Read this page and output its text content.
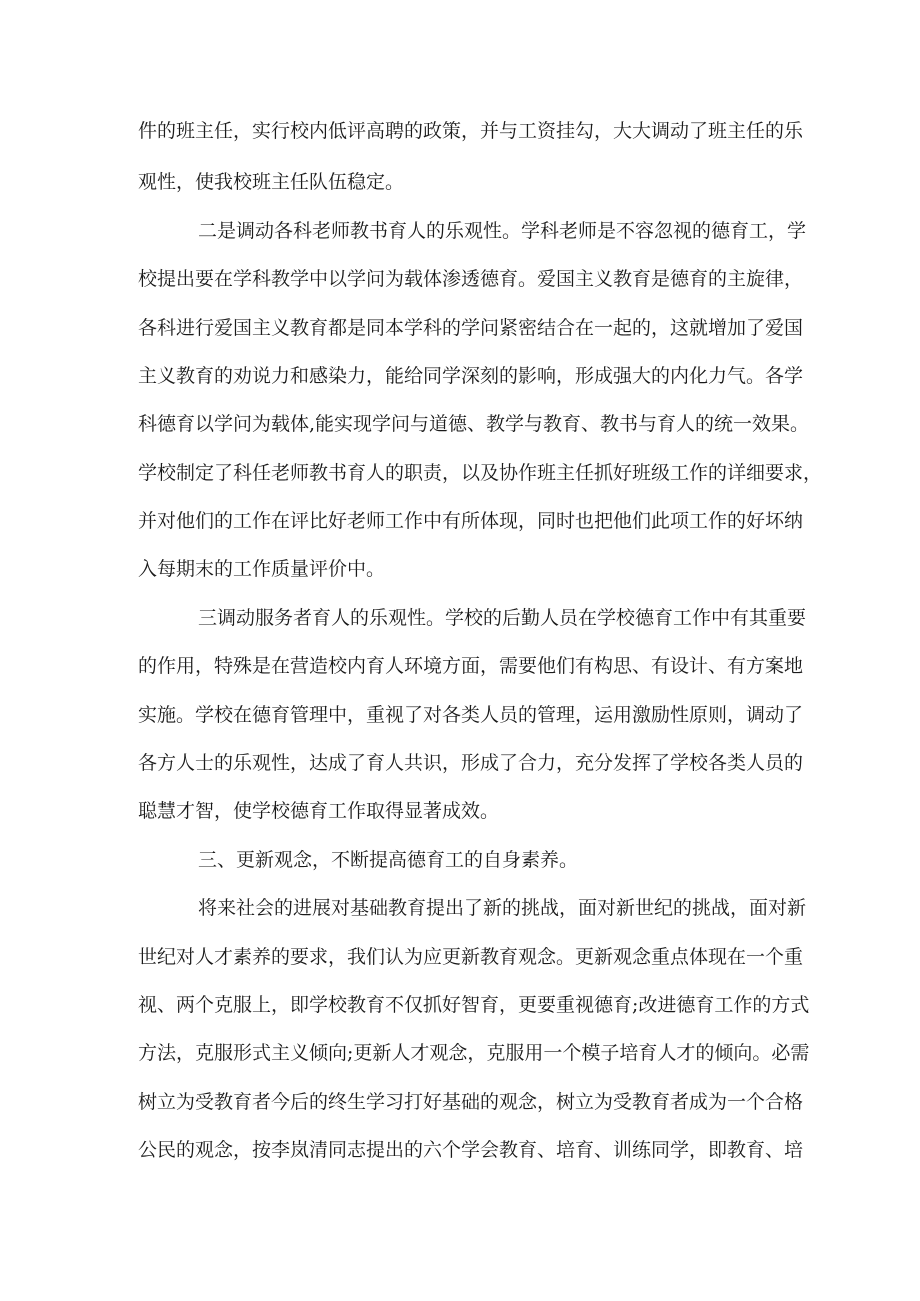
件的班主任，实行校内低评高聘的政策，并与工资挂勾，大大调动了班主任的乐

观性，使我校班主任队伍稳定。

二是调动各科老师教书育人的乐观性。学科老师是不容忽视的德育工，学

校提出要在学科教学中以学问为载体渗透德育。爱国主义教育是德育的主旋律，

各科进行爱国主义教育都是同本学科的学问紧密结合在一起的，这就增加了爱国

主义教育的劝说力和感染力，能给同学深刻的影响，形成强大的内化力气。各学

科德育以学问为载体,能实现学问与道德、教学与教育、教书与育人的统一效果。

学校制定了科任老师教书育人的职责，以及协作班主任抓好班级工作的详细要求，

并对他们的工作在评比好老师工作中有所体现，同时也把他们此项工作的好坏纳

入每期末的工作质量评价中。

三调动服务者育人的乐观性。学校的后勤人员在学校德育工作中有其重要

的作用，特殊是在营造校内育人环境方面，需要他们有构思、有设计、有方案地

实施。学校在德育管理中，重视了对各类人员的管理，运用激励性原则，调动了

各方人士的乐观性，达成了育人共识，形成了合力，充分发挥了学校各类人员的

聪慧才智，使学校德育工作取得显著成效。

三、更新观念，不断提高德育工的自身素养。

将来社会的进展对基础教育提出了新的挑战，面对新世纪的挑战，面对新

世纪对人才素养的要求，我们认为应更新教育观念。更新观念重点体现在一个重

视、两个克服上，即学校教育不仅抓好智育，更要重视德育;改进德育工作的方式

方法，克服形式主义倾向;更新人才观念，克服用一个模子培育人才的倾向。必需

树立为受教育者今后的终生学习打好基础的观念，树立为受教育者成为一个合格

公民的观念，按李岚清同志提出的六个学会教育、培育、训练同学，即教育、培
